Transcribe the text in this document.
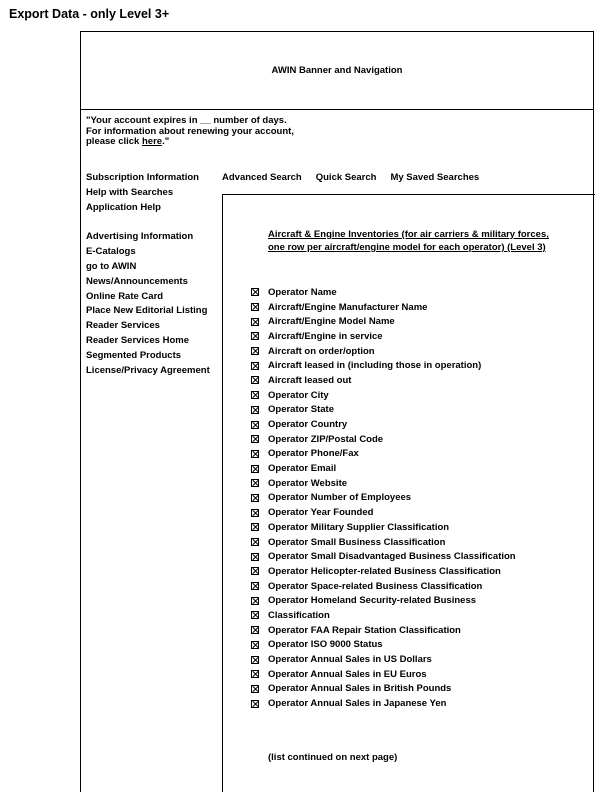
Export Data - only Level 3+
AWIN Banner and Navigation
"Your account expires in __ number of days.
For information about renewing your account,
please click here."
Subscription Information
Help with Searches
Application Help
Advertising Information
E-Catalogs
go to AWIN
News/Announcements
Online Rate Card
Place New Editorial Listing
Reader Services
Reader Services Home
Segmented Products
License/Privacy Agreement
Advanced Search Quick Search My Saved Searches
Aircraft & Engine Inventories (for air carriers & military forces, one row per aircraft/engine model for each operator) (Level 3)
Operator Name
Aircraft/Engine Manufacturer Name
Aircraft/Engine Model Name
Aircraft/Engine in service
Aircraft on order/option
Aircraft leased in (including those in operation)
Aircraft leased out
Operator City
Operator State
Operator Country
Operator ZIP/Postal Code
Operator Phone/Fax
Operator Email
Operator Website
Operator Number of Employees
Operator Year Founded
Operator Military Supplier Classification
Operator Small Business Classification
Operator Small Disadvantaged Business Classification
Operator Helicopter-related Business Classification
Operator Space-related Business Classification
Operator Homeland Security-related Business
Classification
Operator FAA Repair Station Classification
Operator ISO 9000 Status
Operator Annual Sales in US Dollars
Operator Annual Sales in EU Euros
Operator Annual Sales in British Pounds
Operator Annual Sales in Japanese Yen
(list continued on next page)
